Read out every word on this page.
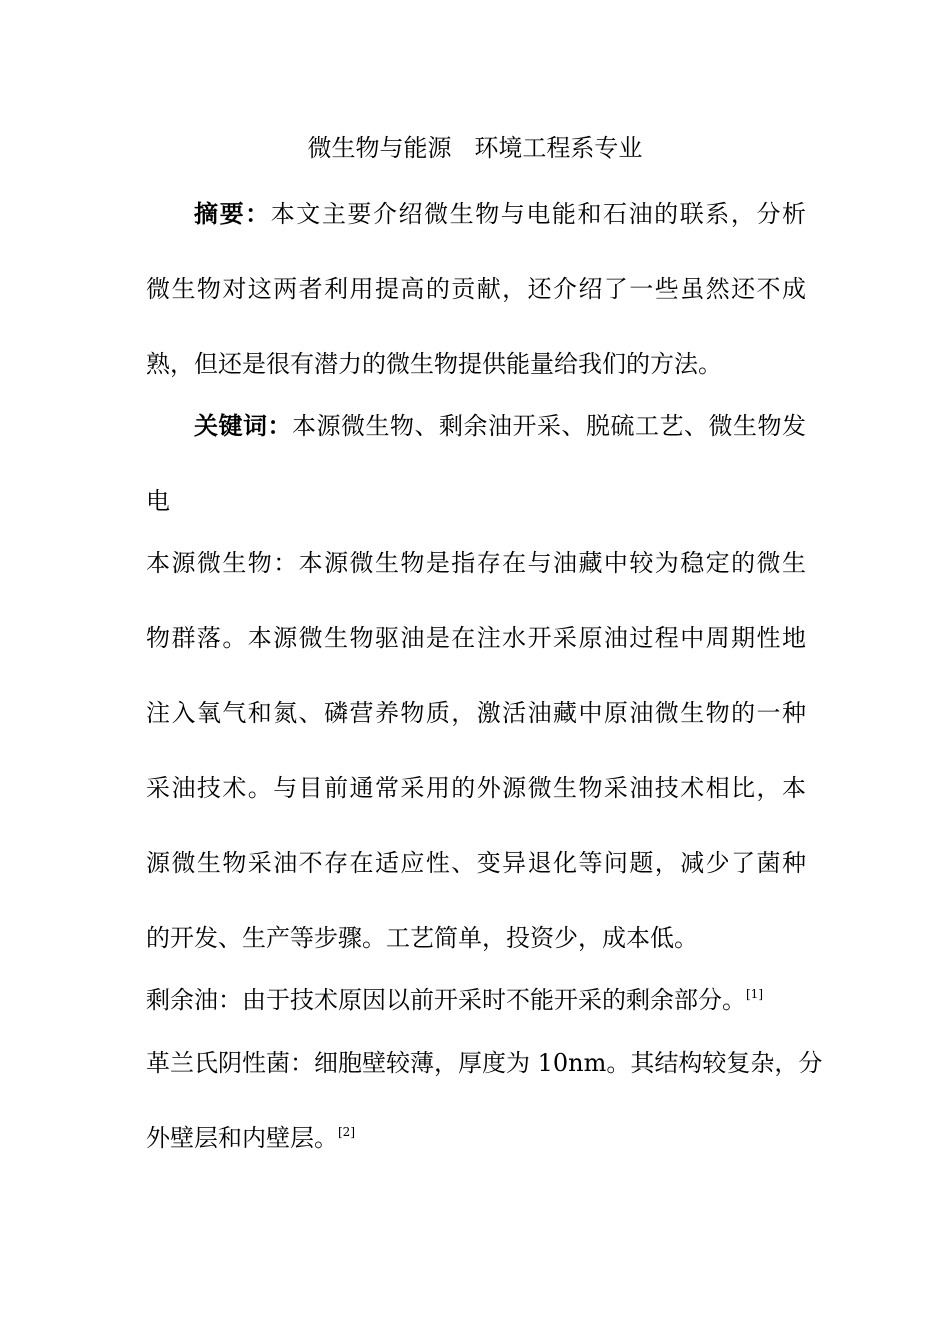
微生物与能源   环境工程系专业
摘要：本文主要介绍微生物与电能和石油的联系，分析
微生物对这两者利用提高的贡献，还介绍了一些虽然还不成
熟，但还是很有潜力的微生物提供能量给我们的方法。
关键词：本源微生物、剩余油开采、脱硫工艺、微生物发
电
本源微生物：本源微生物是指存在与油藏中较为稳定的微生
物群落。本源微生物驱油是在注水开采原油过程中周期性地
注入氧气和氮、磷营养物质，激活油藏中原油微生物的一种
采油技术。与目前通常采用的外源微生物采油技术相比，本
源微生物采油不存在适应性、变异退化等问题，减少了菌种
的开发、生产等步骤。工艺简单，投资少，成本低。
剩余油：由于技术原因以前开采时不能开采的剩余部分。[1]
革兰氏阴性菌：细胞壁较薄，厚度为 10nm。其结构较复杂，分
外壁层和内壁层。[2]
